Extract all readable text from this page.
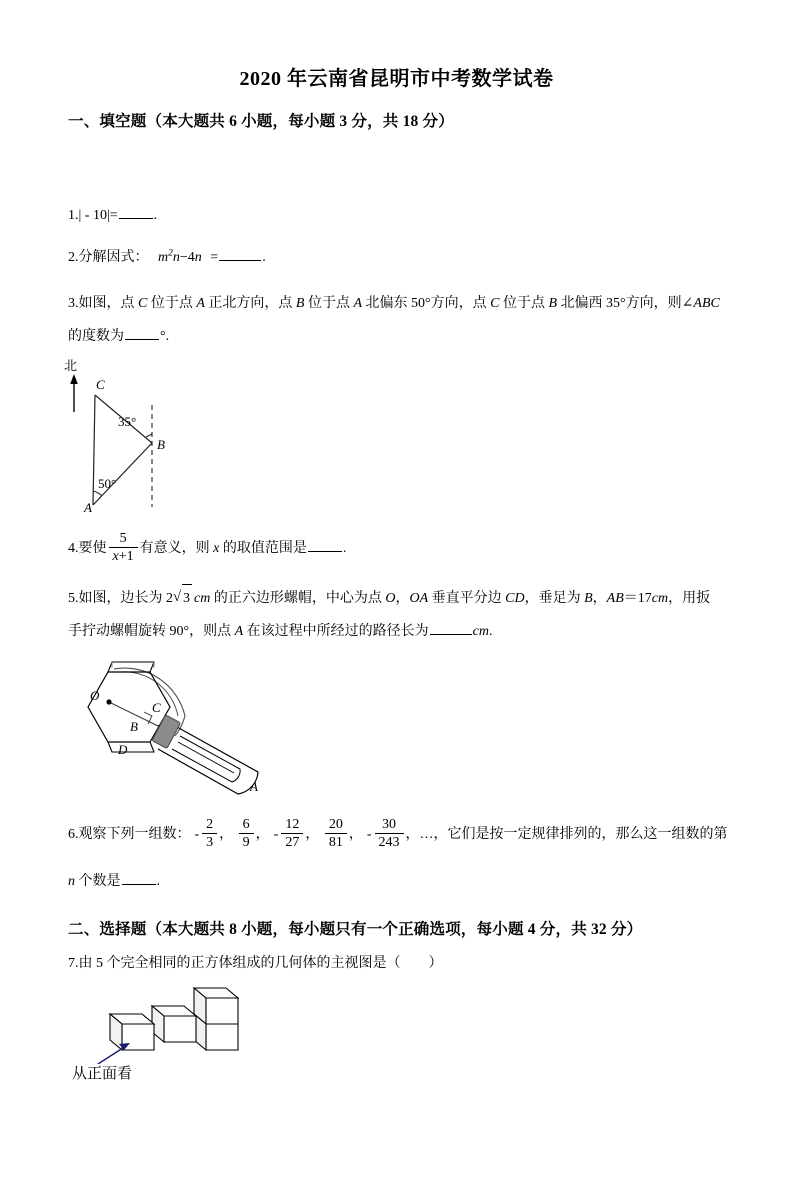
2020 年云南省昆明市中考数学试卷
一、填空题（本大题共 6 小题，每小题 3 分，共 18 分）
1.| - 10|=	.
2.分解因式： $m^2n-4n$ =	.
3.如图，点 C 位于点 A 正北方向，点 B 位于点 A 北偏东 50°方向，点 C 位于点 B 北偏西 35°方向，则∠ABC
的度数为	°.
北
C
A
B
35°
50°
4.要使 $\frac{5}{x+1}$ 有意义，则 x 的取值范围是	.
5.如图，边长为 2 √ 3 cm 的正六边形螺帽，中心为点 O，OA 垂直平分边 CD，垂足为 B，AB＝17cm，用扳
手拧动螺帽旋转 90°，则点 A 在该过程中所经过的路径长为	cm.
O
C
B
D
A
6.观察下列一组数： - $\frac{2}{3}$ ， $\frac{6}{9}$ ， - $\frac{12}{27}$ ， $\frac{20}{81}$ ， - $\frac{30}{243}$ ，…，它们是按一定规律排列的，那么这一组数的第
n 个数是	.
二、选择题（本大题共 8 小题，每小题只有一个正确选项，每小题 4 分，共 32 分）
7.由 5 个完全相同的正方体组成的几何体的主视图是（ ）
从正面看
